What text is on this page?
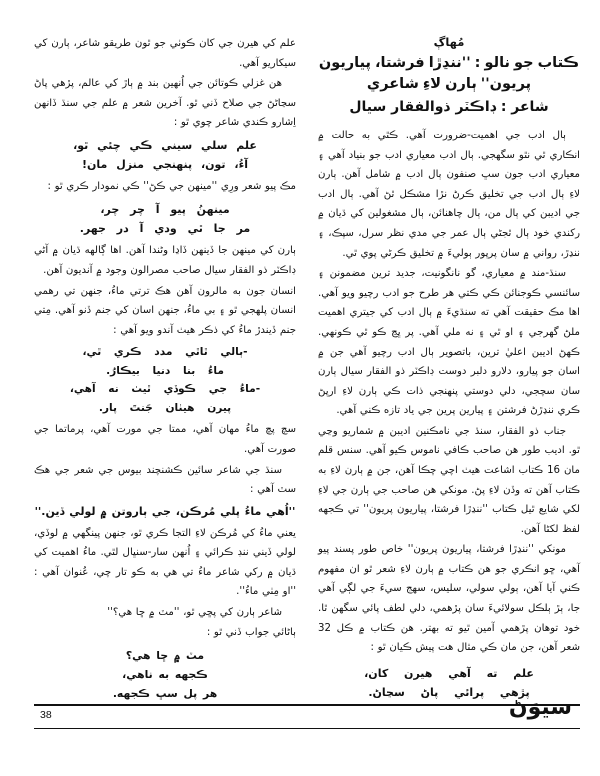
مُهاڳ
ڪتاب جو نالو : ''ننڍڙا فرشتا، پياريون
پريون'' ٻارن لاءِ شاعري
شاعر : ڊاڪٽر ذوالفقار سيال

ٻال ادب جي اهميت-ضرورت آهي. ڪٿي به حالت ۾ انڪاري ٿي نٿو سگهجي. ٻال ادب معياري ادب جو بنياد آهي ۽ معياري ادب جون سڀ صنفون ٻال ادب ۾ شامل آهن. ٻارن لاءِ ٻال ادب جي تخليق ڪرڻ نڙا مشڪل ٿڻ آهي. ٻال ادب جي اديبن کي ٻال من، ٻال چاهنائن، ٻال مشغولين کي ڌيان ۾ رکندي خود ٻال ٿجڻي ٻال عمر جي مدي نظر سرل، سپڪ، ۽ ننڍڙ، رواني ۾ سان پرپور ٻوليءَ ۾ تخليق ڪرڻي پوي ٿي.

سنڌ-مند ۾ معياري، گو نانگونيت، جديد ترين مضمونن ۽ سائنسي ڪوجنائن ڪي ڪتي هر طرح جو ادب رچيو ويو آهي. اها مڪ حقيقت آهي ته سنڌيءَ ۾ ٻال ادب کي جيتري اهميت ملڻ گهرجي ۽ او ٿي ۽ نه ملي آهي. پر ڀڃ ڪو ٿي ڪونهي. ڪهڻ اديبن اعليٰ ترين، باتصوير ٻال ادب رچيو آهي جن ۾ اسان جو پيارو، دلارو دلبر دوست ڊاڪٽر ذو الفقار سيال ٻارن سان سچجي، دلي دوستي پنهنجي ذات ڪي ٻارن لاءِ ارپڻ ڪري ننڍڙڻ فرشتن ۽ پيارين پرين جي ياد تازه ڪني آهي.

جناب ذو الفقار، سنڌ جي نامڪنين اديبن ۾ شماريو وڃي ٿو. اديب طور هن صاحب ڪافي ناموس ڪيو آهي. سنس قلم مان 16 ڪتاب اشاعت هيٺ اچي چڪا آهن، جن ۾ ٻارن لاءِ به ڪتاب آهن ته وڏن لاءِ پڻ. مونکي هن صاحب جي ٻارن جي لاءِ لکي شايع ٿيل ڪتاب ''ننڍڙا فرشتا، پياريون پريون'' تي ڪجهه لفظ لکڻا آهن.

مونکي ''ننڍڙا فرشتا، پياريون پريون'' خاص طور پسند پيو آهي، ڇو انڪري جو هن ڪتاب ۾ ٻارن لاءِ شعر ٿو ان مفهوم ڪني آيا آهن، ٻولي سولي، سليس، سهج سيءَ جي لڳي آهي جا، ٻڙ ٻلڪل سولائيءَ سان پڙهمي، دلي لطف پائي سگهن ٿا. خود توهان پڙهمي آمين ٿيو ته بهتر. هن ڪتاب ۾ ڪل 32 شعر آهن، جن مان ڪي مثال هت پيش ڪيان ٿو :

علم ته آهي هيرن کان،
پڙهي پرائي پاڻ سڃاڻ.

علم کي هيرن جي کان ڪوٺي جو ٿون طريقو شاعر، ٻارن کي سيکاريو آهي.

هن غزلي ڪوتائن جي اُنهين بند ۾ ٻاڙ کي عالم، پڙهي پاڻ سڃاڻڻ جي صلاح ڏني ٿو. آخرين شعر ۾ علم جي سنڌ ڏانهن اِشارو ڪندي شاعر چوي ٿو :

علم سلي سيني ڪي چئي ٿو،
آءُ، تون، پنهنجي منزل مان!

مڪ پيو شعر ورِي ''مينهن جي ڪڻ'' ڪي نمودار ڪري ٿو :

مينهنُ پيو آ چر چر،
مر جا ٿي ودي آ در جهر.

ٻارن کي مينهن جا ڏينهن ڏاڍا وڻندا آهن. اها ڳالهه ڌيان ۾ آڻي ڊاڪٽر ذو الفقار سيال صاحب مصرالون وجود ۾ آنديون آهن.

انسان جون به مالرون آهن هڪ ترتي ماءُ، جنهن تي رهمي انسان پلهجي ٿو ۽ بي ماءُ، جنهن اسان کي جنم ڏنو آهي. مِتي جنم ڏيندڙ ماءُ کي ذڪر هيٺ آندو ويو آهي :

-ٻالي ٿاٿي مدد ڪري ٿي،
ماءُ بنا دنيا بيڪارُ.
-ماءُ جي ڪوڏي ٿيٺ نه آهي،
پيرن هيٺان جَنتَ پار.

سچ پچ ماءُ مهان آهي، ممتا جي مورت آهي، پرماتما جي صورت آهي.

سنڌ جي شاعر سائين ڪشنچند بيوس جي شعر جي هڪ سٽ آهي :

''اُهي ماءُ پلي مُرڪن، جي ٻاروتن ۾ لولي ڏين.''

يعني ماءُ کي مُرڪن لاءِ التجا ڪري ٿو، جنهن پينگهي ۾ لوڏي، لولي ڏيني ننڊ ڪرائي ۽ اُنهن سار-سنڀال لٿي. ماءُ اهميت کي ڌيان ۾ رکي شاعر ماءُ تي هي به ڪو تار چي، عُنوان آهي : ''او مِٺي ماءُ''.

شاعر ٻارن کي پڇي ٿو، ''مٽ ۾ ڇا هي؟''

ٻاڻائي جواب ڏني ٿو :

مٽ ۾ ڇا هي؟
ڪجهه به ناهي،
هر پل سڀ ڪجهه.
38	سيوَڻ
